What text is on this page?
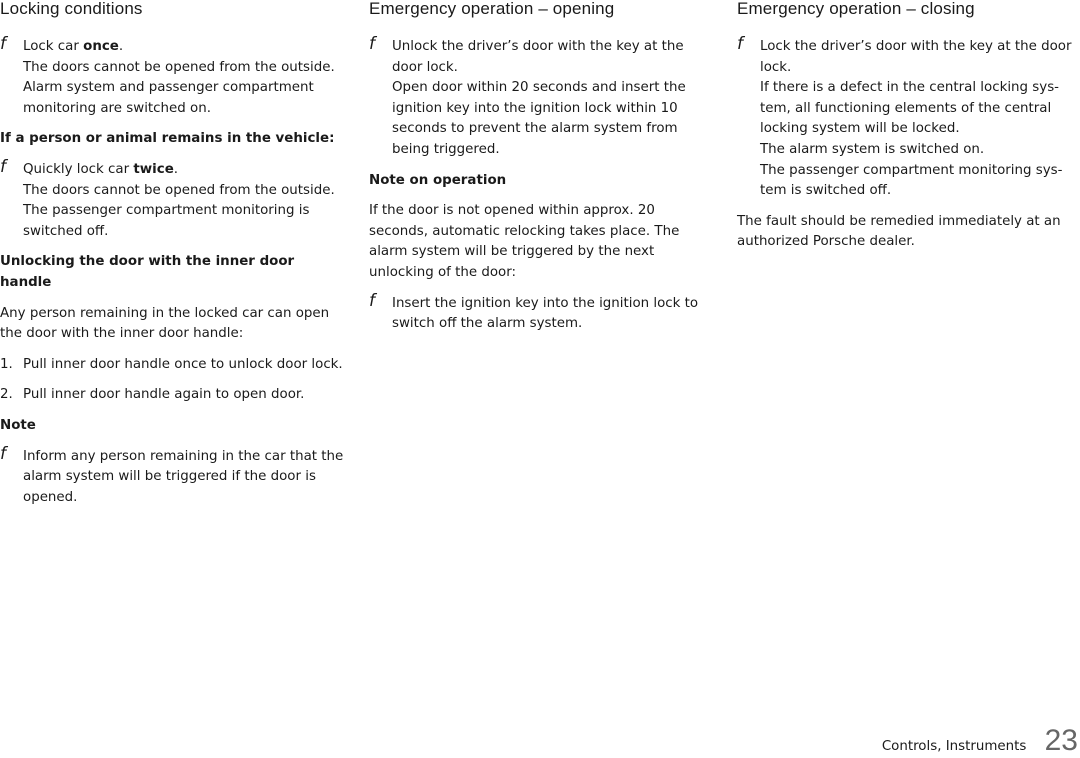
Locking conditions
f Lock car once.
The doors cannot be opened from the outside.
Alarm system and passenger compartment monitoring are switched on.
If a person or animal remains in the vehicle:
f Quickly lock car twice.
The doors cannot be opened from the outside.
The passenger compartment monitoring is switched off.
Unlocking the door with the inner door handle
Any person remaining in the locked car can open the door with the inner door handle:
1. Pull inner door handle once to unlock door lock.
2. Pull inner door handle again to open door.
Note
f Inform any person remaining in the car that the alarm system will be triggered if the door is opened.
Emergency operation – opening
f Unlock the driver’s door with the key at the door lock.
Open door within 20 seconds and insert the ignition key into the ignition lock within 10 seconds to prevent the alarm system from being triggered.
Note on operation
If the door is not opened within approx. 20 seconds, automatic relocking takes place. The alarm system will be triggered by the next unlocking of the door:
f Insert the ignition key into the ignition lock to switch off the alarm system.
Emergency operation – closing
f Lock the driver’s door with the key at the door lock.
If there is a defect in the central locking sys-tem, all functioning elements of the central locking system will be locked.
The alarm system is switched on.
The passenger compartment monitoring sys-tem is switched off.
The fault should be remedied immediately at an authorized Porsche dealer.
Controls, Instruments 23
